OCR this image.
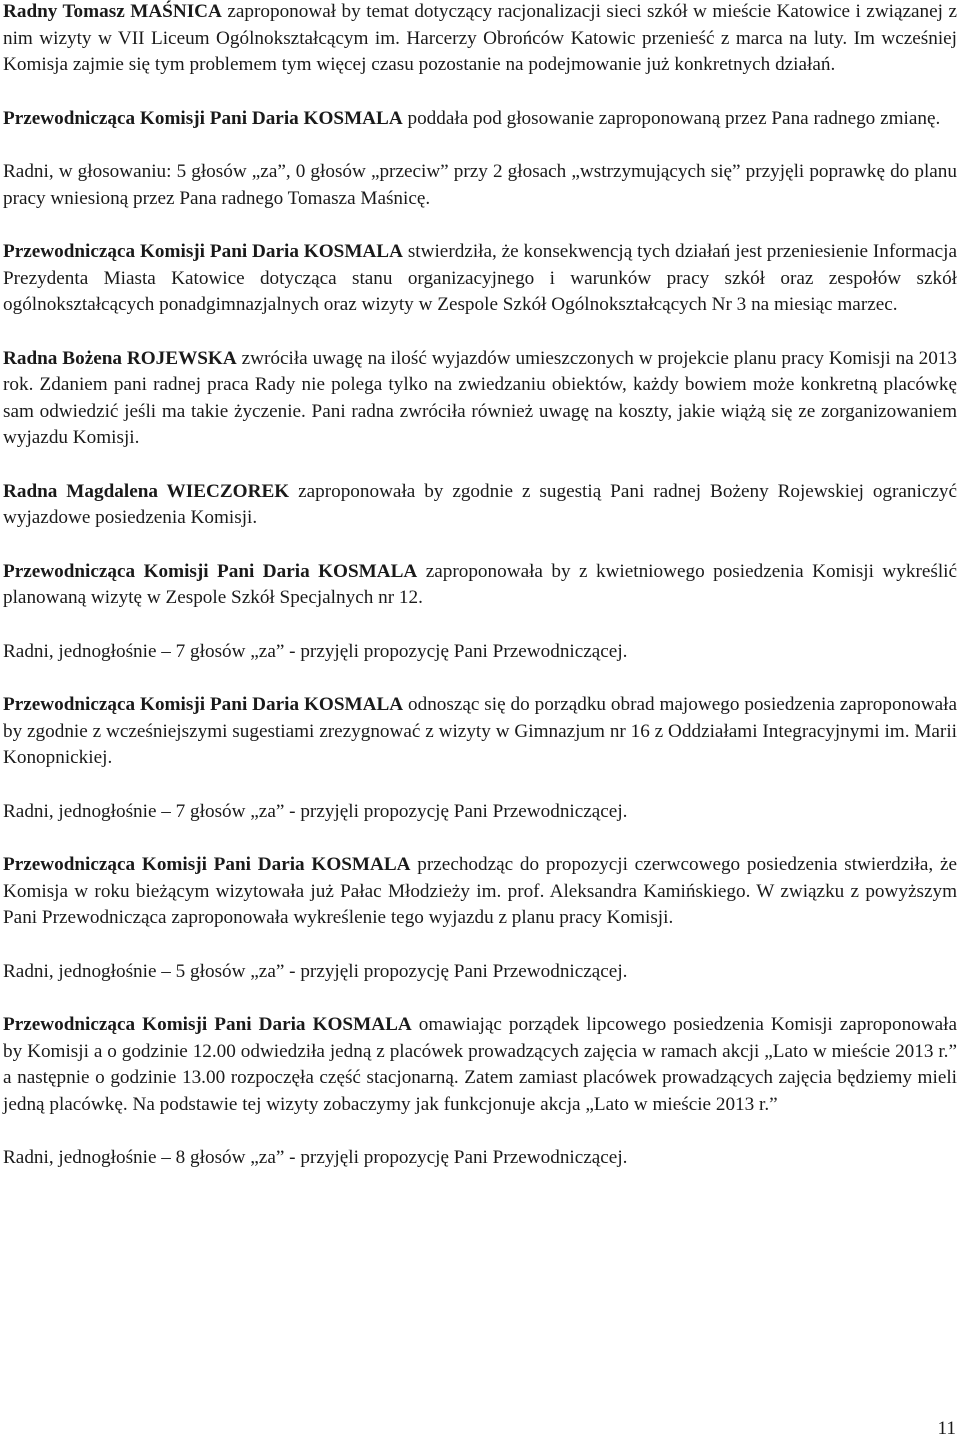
Radny Tomasz MAŚNICA zaproponował by temat dotyczący racjonalizacji sieci szkół w mieście Katowice i związanej z nim wizyty w VII Liceum Ogólnokształcącym im. Harcerzy Obrońców Katowic przenieść z marca na luty. Im wcześniej Komisja zajmie się tym problemem tym więcej czasu pozostanie na podejmowanie już konkretnych działań.

Przewodnicząca Komisji Pani Daria KOSMALA poddała pod głosowanie zaproponowaną przez Pana radnego zmianę.

Radni, w głosowaniu: 5 głosów „za”, 0 głosów „przeciw” przy 2 głosach „wstrzymujących się” przyjęli poprawkę do planu pracy wniesioną przez Pana radnego Tomasza Maśnicę.

Przewodnicząca Komisji Pani Daria KOSMALA stwierdziła, że konsekwencją tych działań jest przeniesienie Informacja Prezydenta Miasta Katowice dotycząca stanu organizacyjnego i warunków pracy szkół oraz zespołów szkół ogólnokształcących ponadgimnazjalnych oraz wizyty w Zespole Szkół Ogólnokształcących Nr 3 na miesiąc marzec.

Radna Bożena ROJEWSKA zwróciła uwagę na ilość wyjazdów umieszczonych w projekcie planu pracy Komisji na 2013 rok. Zdaniem pani radnej praca Rady nie polega tylko na zwiedzaniu obiektów, każdy bowiem może konkretną placówkę sam odwiedzić jeśli ma takie życzenie. Pani radna zwróciła również uwagę na koszty, jakie wiążą się ze zorganizowaniem wyjazdu Komisji.

Radna Magdalena WIECZOREK zaproponowała by zgodnie z sugestią Pani radnej Bożeny Rojewskiej ograniczyć wyjazdowe posiedzenia Komisji.

Przewodnicząca Komisji Pani Daria KOSMALA zaproponowała by z kwietniowego posiedzenia Komisji wykreślić planowaną wizytę w Zespole Szkół Specjalnych nr 12.

Radni, jednogłośnie – 7 głosów „za” - przyjęli propozycję Pani Przewodniczącej.

Przewodnicząca Komisji Pani Daria KOSMALA odnosząc się do porządku obrad majowego posiedzenia zaproponowała by zgodnie z wcześniejszymi sugestiami zrezygnować z wizyty w Gimnazjum nr 16 z Oddziałami Integracyjnymi im. Marii Konopnickiej.

Radni, jednogłośnie – 7 głosów „za” - przyjęli propozycję Pani Przewodniczącej.

Przewodnicząca Komisji Pani Daria KOSMALA przechodząc do propozycji czerwcowego posiedzenia stwierdziła, że Komisja w roku bieżącym wizytowała już Pałac Młodzieży im. prof. Aleksandra Kamińskiego. W związku z powyższym Pani Przewodnicząca zaproponowała wykreślenie tego wyjazdu z planu pracy Komisji.

Radni, jednogłośnie – 5 głosów „za” - przyjęli propozycję Pani Przewodniczącej.

Przewodnicząca Komisji Pani Daria KOSMALA omawiając porządek lipcowego posiedzenia Komisji zaproponowała by Komisji a o godzinie 12.00 odwiedziła jedną z placówek prowadzących zajęcia w ramach akcji „Lato w mieście 2013 r.” a następnie o godzinie 13.00 rozpoczęła część stacjonarną. Zatem zamiast placówek prowadzących zajęcia będziemy mieli jedną placówkę. Na podstawie tej wizyty zobaczymy jak funkcjonuje akcja „Lato w mieście 2013 r.”

Radni, jednogłośnie – 8 głosów „za” - przyjęli propozycję Pani Przewodniczącej.

11
